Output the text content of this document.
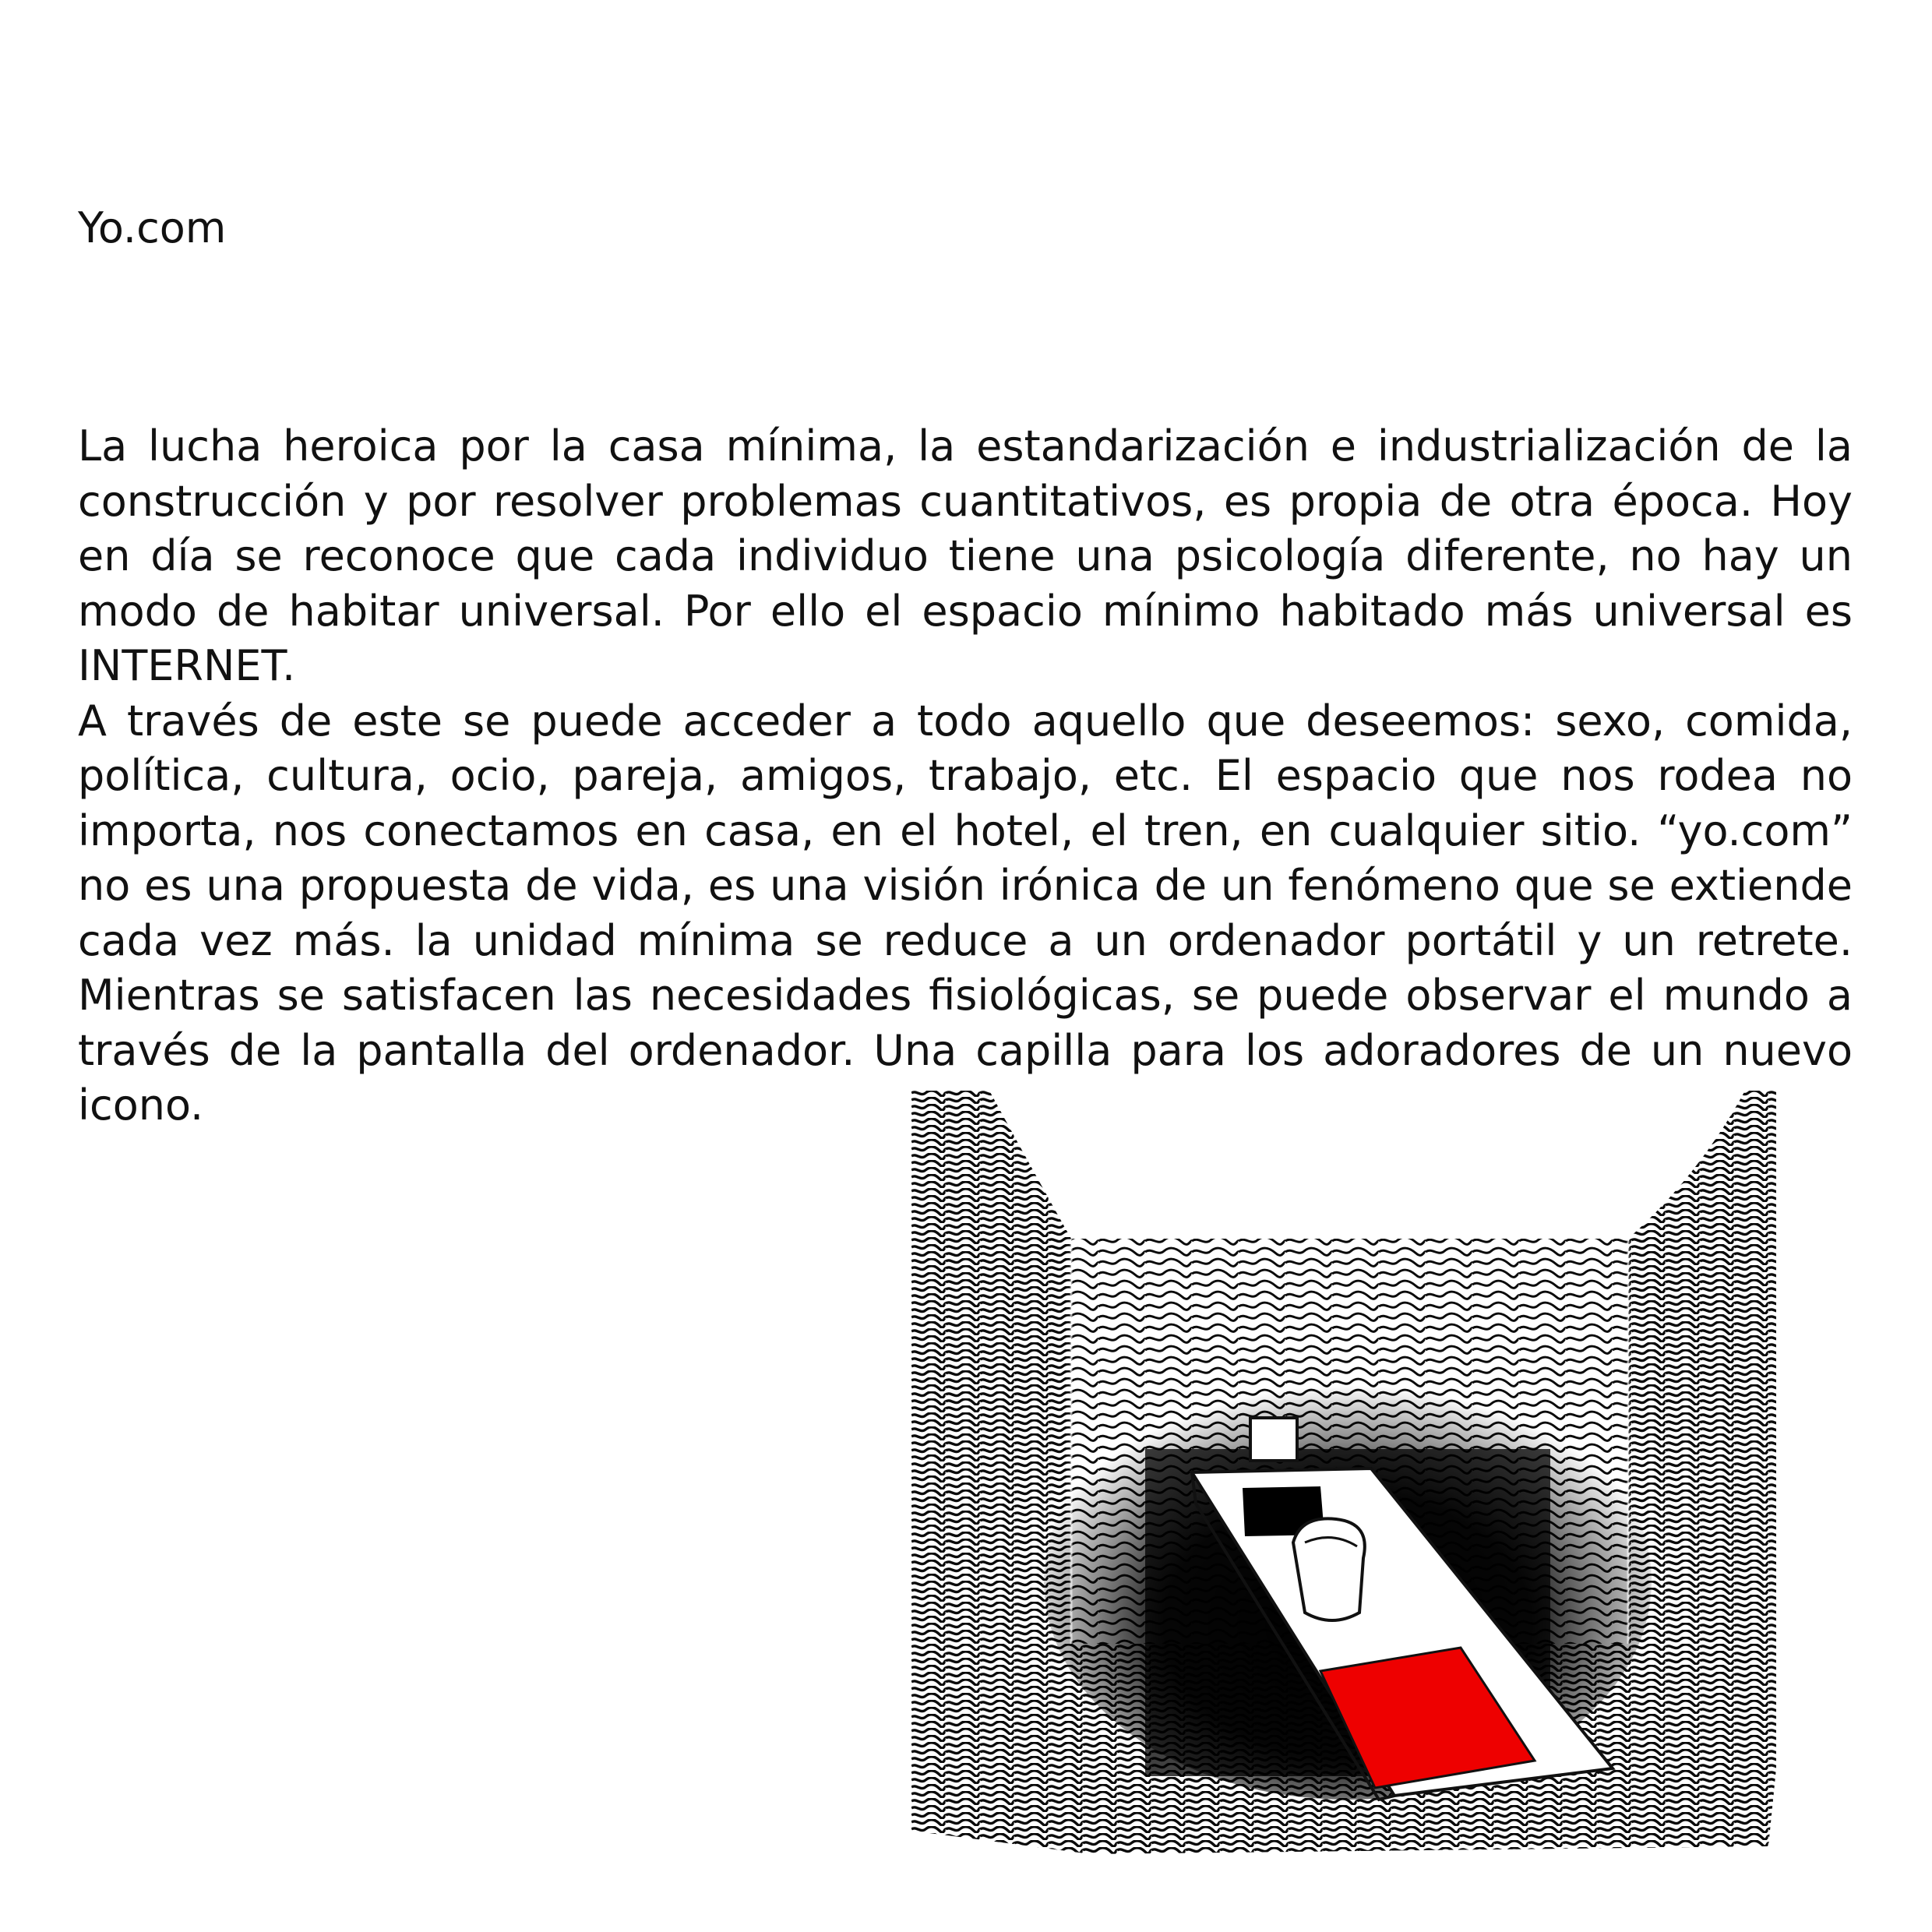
Yo.com

La lucha heroica por la casa mínima, la estandarización e industrialización de la construcción y por resolver problemas cuantitativos, es propia de otra época. Hoy en día se reconoce que cada individuo tiene una psicología diferente, no hay un modo de habitar universal. Por ello el espacio mínimo habitado más universal es INTERNET.

A través de este se puede acceder a todo aquello que deseemos: sexo, comida, política, cultura, ocio, pareja, amigos, trabajo, etc. El espacio que nos rodea no importa, nos conectamos en casa, en el hotel, el tren, en cualquier sitio. “yo.com” no es una propuesta de vida, es una visión irónica de un fenómeno que se extiende cada vez más. la unidad mínima se reduce a un ordenador portátil y un retrete. Mientras se satisfacen las necesidades fisiológicas, se puede observar el mundo a través de la pantalla del ordenador. Una capilla para los adoradores de un nuevo icono.
